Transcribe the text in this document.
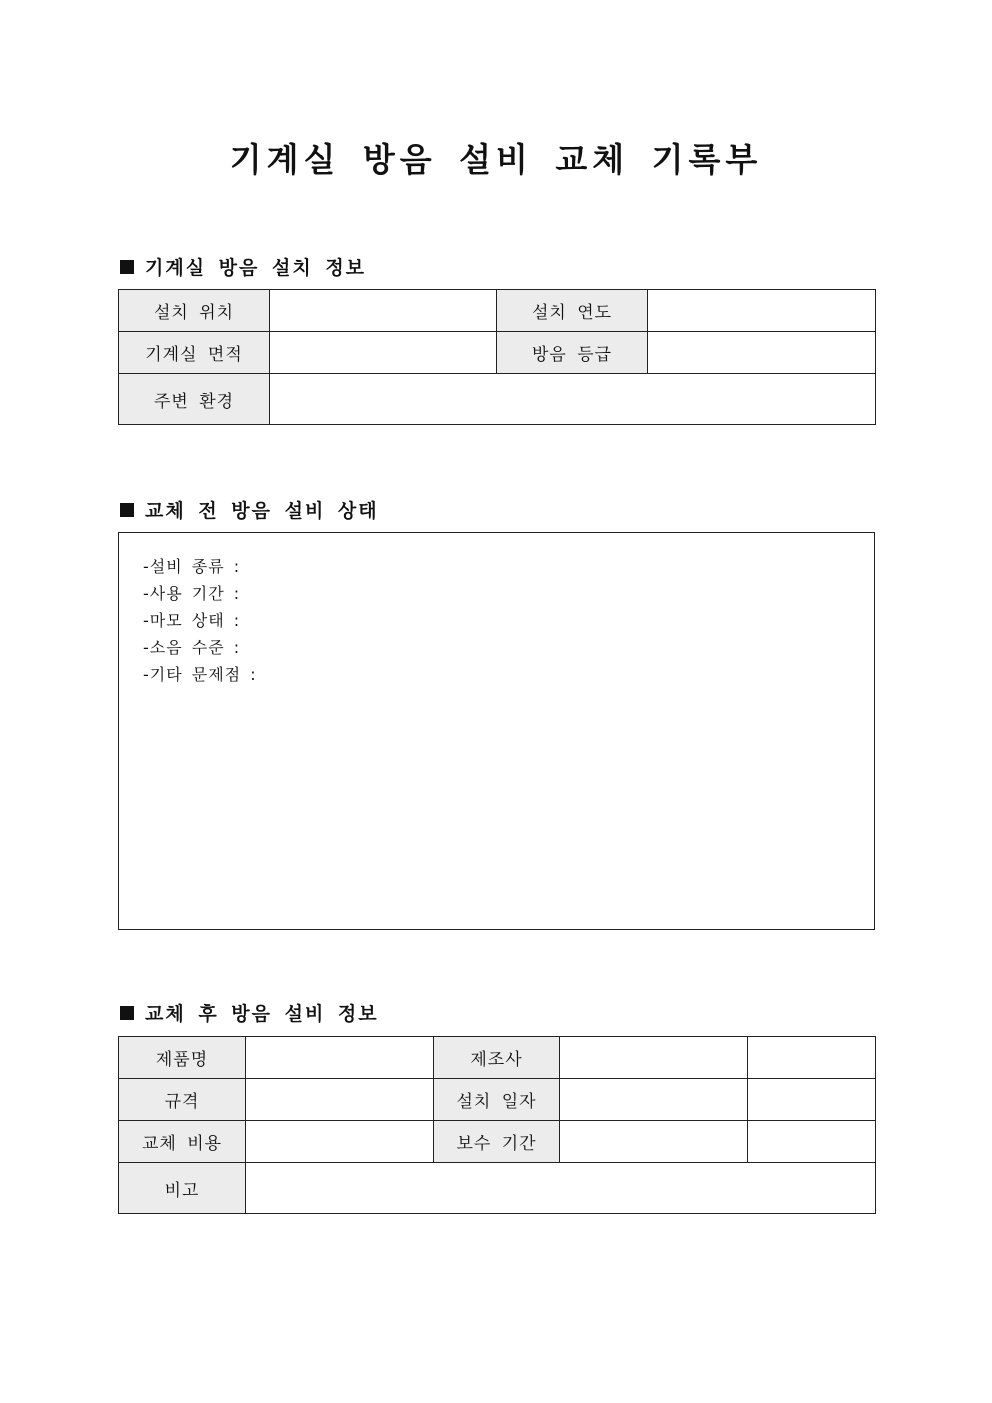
기계실 방음 설비 교체 기록부
기계실 방음 설치 정보
설치 위치		설치 연도	
기계실 면적		방음 등급	
주변 환경			
교체 전 방음 설비 상태
-설비 종류 :
-사용 기간 :
-마모 상태 :
-소음 수준 :
-기타 문제점 :
교체 후 방음 설비 정보
제품명		제조사		
규격		설치 일자		
교체 비용		보수 기간		
비고				
